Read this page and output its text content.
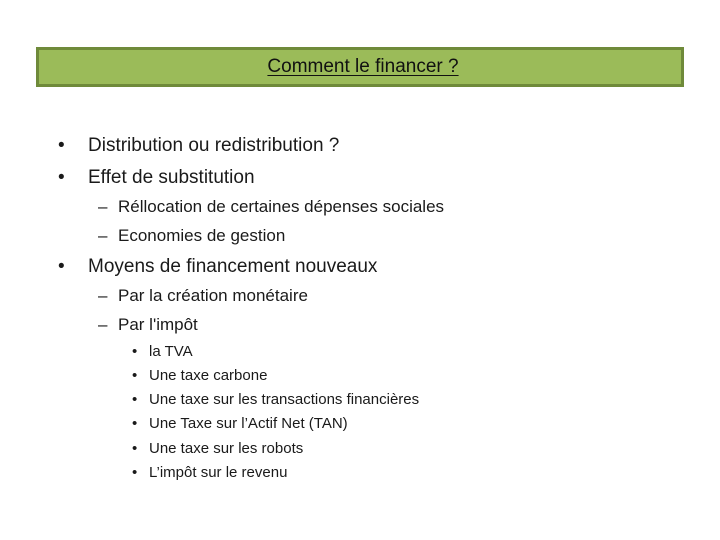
Comment le financer ?
• Distribution ou redistribution ?
• Effet de substitution
– Réllocation de certaines dépenses sociales
– Economies de gestion
• Moyens de financement nouveaux
– Par la création monétaire
– Par l'impôt
• la TVA
• Une taxe carbone
• Une taxe sur les transactions financières
• Une Taxe sur l’Actif Net (TAN)
• Une taxe sur les robots
• L’impôt sur le revenu
